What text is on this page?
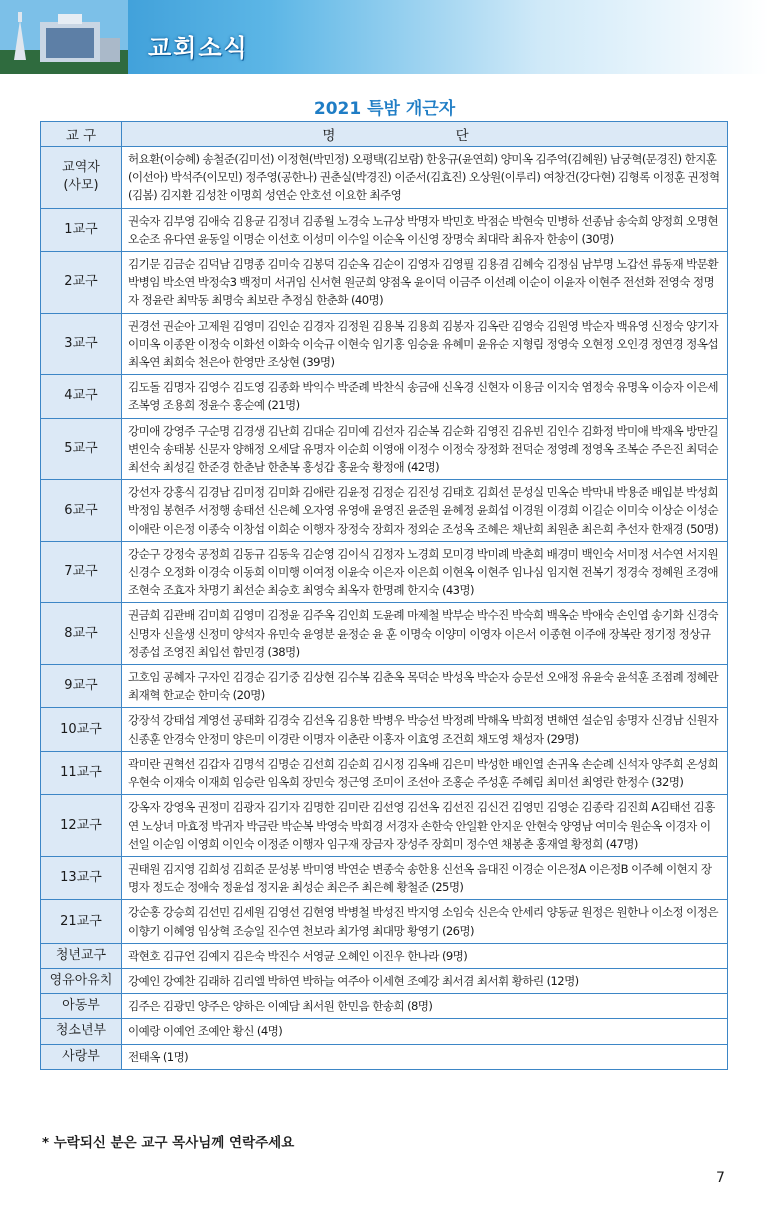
교회소식
2021 특밤 개근자
교 구	명 단
교역자
(사모)	허요환(이승혜) 송철준(김미선) 이정현(박민정) 오평택(김보람) 한웅규(윤연희) 양미옥 김주억(김혜원) 남궁혁(문경진) 한지훈(이선아) 박석주(이모민) 정주영(공한나) 권춘실(박경진) 이준서(김효진) 오상원(이루리) 여창건(강다현) 김형록 이정훈 권정혁(김봄) 김지환 김성찬 이명희 성연순 안호선 이요한 최주영
1교구	권숙자 김부영 김애숙 김용균 김정녀 김종월 노경숙 노규상 박명자 박민호 박점순 박현숙 민병하 선종남 송숙희 양정희 오명현 오순조 유다연 윤동일 이명순 이선호 이성미 이수일 이순옥 이신영 장명숙 최대락 최유자 한송이 (30명)
2교구	김기문 김금순 김덕남 김명종 김미숙 김봉덕 김순옥 김순이 김영자 김영필 김용겸 김혜숙 김정심 남부명 노갑선 류동재 박문환 박병임 박소연 박정숙3 백정미 서귀임 신서현 원군희 양점옥 윤이덕 이금주 이선례 이순이 이윤자 이현주 전선화 전영숙 정명자 정윤란 최막동 최명숙 최보란 추정심 한춘화 (40명)
3교구	권경선 권순아 고제원 김영미 김인순 김경자 김정원 김용복 김용희 김봉자 김옥란 김영숙 김원영 박순자 백유영 신정숙 양기자 이미옥 이종완 이정숙 이화선 이화숙 이숙규 이현숙 임기홍 임승윤 유혜미 윤유순 지형림 정영숙 오현정 오인경 정연경 정옥섭 최옥연 최희숙 천은아 한영만 조상현 (39명)
4교구	김도돌 김명자 김영수 김도영 김종화 박익수 박준례 박찬식 송금애 신옥경 신현자 이용금 이지숙 염정숙 유명옥 이승자 이은세 조복영 조용희 정윤수 홍순예 (21명)
5교구	강미애 강영주 구순명 김경생 김난희 김대순 김미예 김선자 김순복 김순화 김영진 김유빈 김인수 김화정 박미애 박재옥 방만길 변인숙 송태봉 신문자 양해정 오세달 유명자 이순희 이영애 이정수 이정숙 장정화 전덕순 정영례 정영옥 조복순 주은진 최덕순 최선숙 최성길 한준경 한춘남 한춘복 홍성갑 홍윤숙 황정애 (42명)
6교구	강선자 강홍식 김경남 김미정 김미화 김애란 김윤정 김정순 김진성 김태호 김희선 문성실 민옥순 박막내 박용준 배입분 박성희 박정임 봉현주 서정행 송태선 신은혜 오자영 유영애 윤영진 윤준원 윤혜정 윤희섭 이경원 이경희 이길순 이미숙 이상순 이성순 이애란 이은정 이종숙 이창섭 이희순 이행자 장정숙 장희자 정외순 조성옥 조혜은 채난희 최원춘 최은희 추선자 한재경 (50명)
7교구	강순구 강정숙 공정희 김동규 김동욱 김순영 김이식 김정자 노경희 모미경 박미례 박춘희 배경미 백인숙 서미정 서수연 서지원 신경수 오정화 이경숙 이동희 이미행 이여정 이윤숙 이은자 이은희 이현옥 이현주 임나심 임지현 전복기 정경숙 정혜원 조경애 조현숙 조효자 차명기 최선순 최승호 최영숙 최옥자 한명례 한지숙 (43명)
8교구	권금희 김관배 김미희 김영미 김정윤 김주옥 김인희 도윤례 마제철 박부순 박수진 박숙희 백옥순 박애숙 손인엽 송기화 신경숙 신명자 신을생 신정미 양석자 유민숙 윤영분 윤정순 윤 훈 이명숙 이양미 이영자 이은서 이종현 이주애 장복란 정기정 정상규 정종섭 조영진 최입선 함민경 (38명)
9교구	고호임 공혜자 구자인 김경순 김기중 김상현 김수복 김춘옥 목덕순 박성옥 박순자 승문선 오애정 유윤숙 윤석훈 조점례 정혜란 최재혁 한교순 한미숙 (20명)
10교구	강장석 강태섭 계영선 공태화 김경숙 김선옥 김용한 박병우 박승선 박정례 박해옥 박희정 변해연 설순임 송명자 신경남 신원자 신종훈 안경숙 안정미 양은미 이경란 이명자 이춘란 이홍자 이효영 조건희 채도영 채성자 (29명)
11교구	곽미란 권혁선 김갑자 김명석 김명순 김선희 김순희 김시정 김옥배 김은미 박성한 배인열 손귀옥 손순례 신석자 양주희 온성희 우현숙 이재숙 이재희 임승란 임옥희 장민숙 정근영 조미이 조선아 조홍순 주성훈 주혜림 최미선 최영란 한정수 (32명)
12교구	강옥자 강영옥 권정미 김광자 김기자 김명한 김미란 김선영 김선옥 김선진 김신건 김영민 김영순 김종락 김진희 A김태선 김홍연 노상녀 마효정 박귀자 박금란 박순복 박영숙 박희경 서경자 손한숙 안일환 안지운 안현숙 양영남 여미숙 원순옥 이경자 이선일 이순임 이영희 이인숙 이정준 이행자 임구재 장금자 장성주 장희미 정수연 채봉춘 홍재열 황정희 (47명)
13교구	권태원 김지영 김희성 김희준 문성봉 박미영 박연순 변종숙 송한용 신선옥 음대진 이경순 이은정A 이은정B 이주혜 이현지 장명자 정도순 정애숙 정윤섭 정지윤 최성순 최은주 최은혜 황철준 (25명)
21교구	강순홍 강승희 김선민 김세원 김영선 김현영 박병철 박성진 박지영 소임숙 신은숙 안세리 양동균 원정은 원한나 이소정 이정은 이향기 이혜영 임상혁 조승일 진수연 천보라 최가영 최대망 황영기 (26명)
청년교구	곽현호 김규언 김예지 김은숙 박진수 서영균 오혜인 이진우 한나라 (9명)
영유아유치	강예인 강예찬 김래하 김리엘 박하연 박하늘 여주아 이세현 조예강 최서겸 최서휘 황하린 (12명)
아동부	김주은 김광민 양주은 양하은 이예담 최서원 한민음 한송희 (8명)
청소년부	이예랑 이예언 조예안 황신 (4명)
사랑부	전태옥 (1명)
* 누락되신 분은 교구 목사님께 연락주세요
7
